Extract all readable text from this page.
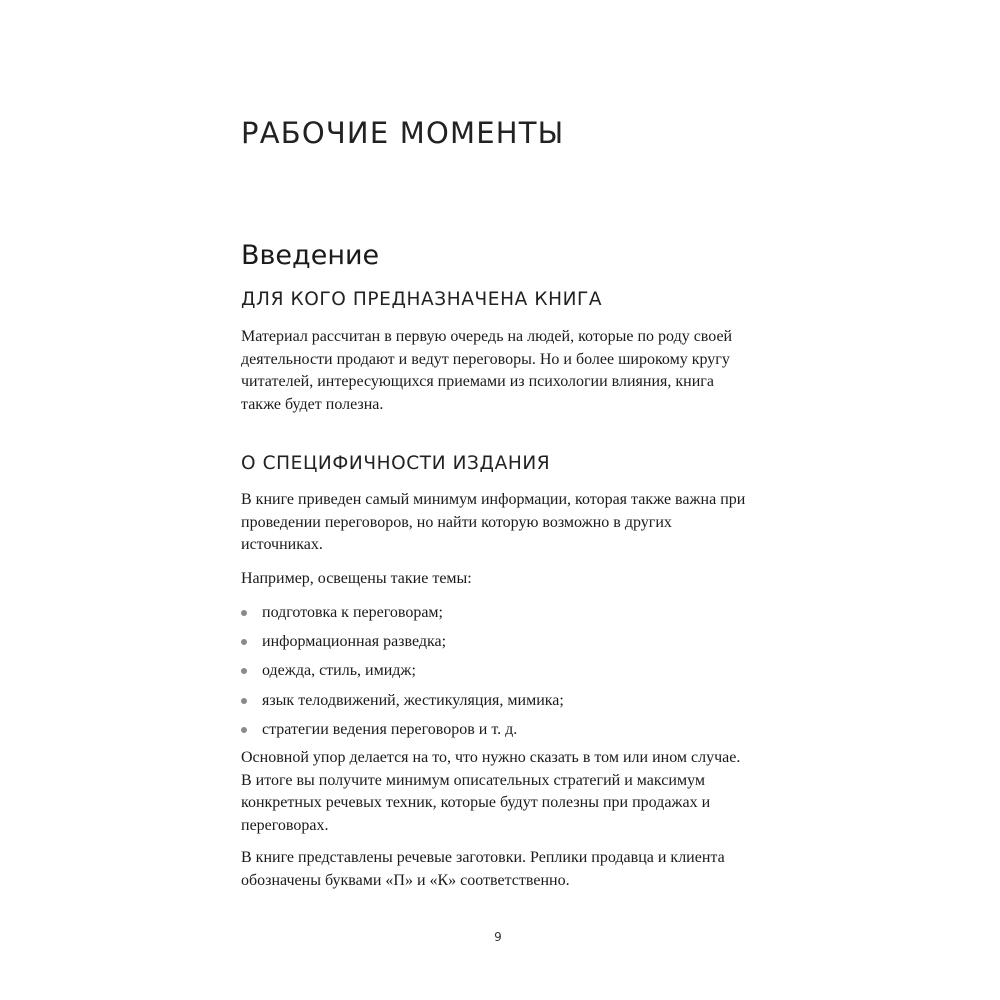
РАБОЧИЕ МОМЕНТЫ
Введение
ДЛЯ КОГО ПРЕДНАЗНАЧЕНА КНИГА

Материал рассчитан в первую очередь на людей, которые по роду своей деятельности продают и ведут переговоры. Но и более широкому кругу читателей, интересующихся приемами из психологии влияния, книга также будет полезна.

О СПЕЦИФИЧНОСТИ ИЗДАНИЯ

В книге приведен самый минимум информации, которая также важна при проведении переговоров, но найти которую возможно в других источниках.

Например, освещены такие темы:

подготовка к переговорам;
информационная разведка;
одежда, стиль, имидж;
язык телодвижений, жестикуляция, мимика;
стратегии ведения переговоров и т. д.

Основной упор делается на то, что нужно сказать в том или ином случае. В итоге вы получите минимум описательных стратегий и максимум конкретных речевых техник, которые будут полезны при продажах и переговорах.

В книге представлены речевые заготовки. Реплики продавца и клиента обозначены буквами «П» и «К» соответственно.

9
